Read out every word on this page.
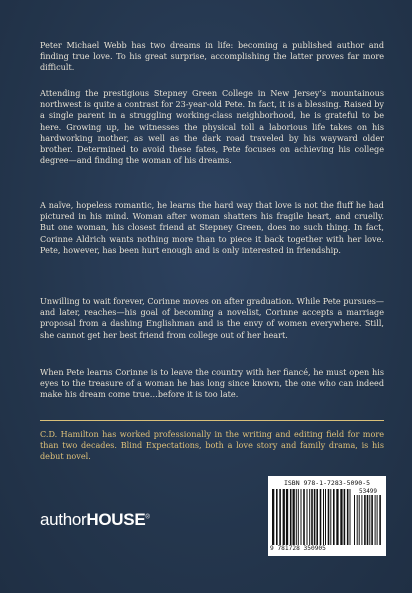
Peter Michael Webb has two dreams in life: becoming a published author and finding true love. To his great surprise, accomplishing the latter proves far more difficult.

Attending the prestigious Stepney Green College in New Jersey’s mountainous northwest is quite a contrast for 23-year-old Pete. In fact, it is a blessing. Raised by a single parent in a struggling working-class neighborhood, he is grateful to be here. Growing up, he witnesses the physical toll a laborious life takes on his hardworking mother, as well as the dark road traveled by his wayward older brother. Determined to avoid these fates, Pete focuses on achieving his college degree—and finding the woman of his dreams.

A naïve, hopeless romantic, he learns the hard way that love is not the fluff he had pictured in his mind. Woman after woman shatters his fragile heart, and cruelly. But one woman, his closest friend at Stepney Green, does no such thing. In fact, Corinne Aldrich wants nothing more than to piece it back together with her love. Pete, however, has been hurt enough and is only interested in friendship.

Unwilling to wait forever, Corinne moves on after graduation. While Pete pursues—and later, reaches—his goal of becoming a novelist, Corinne accepts a marriage proposal from a dashing Englishman and is the envy of women everywhere. Still, she cannot get her best friend from college out of her heart.

When Pete learns Corinne is to leave the country with her fiancé, he must open his eyes to the treasure of a woman he has long since known, the one who can indeed make his dream come true…before it is too late.

C.D. Hamilton has worked professionally in the writing and editing field for more than two decades. Blind Expectations, both a love story and family drama, is his debut novel.

authorHOUSE®
ISBN 978-1-7283-5090-5
53499
9 781728 350905
